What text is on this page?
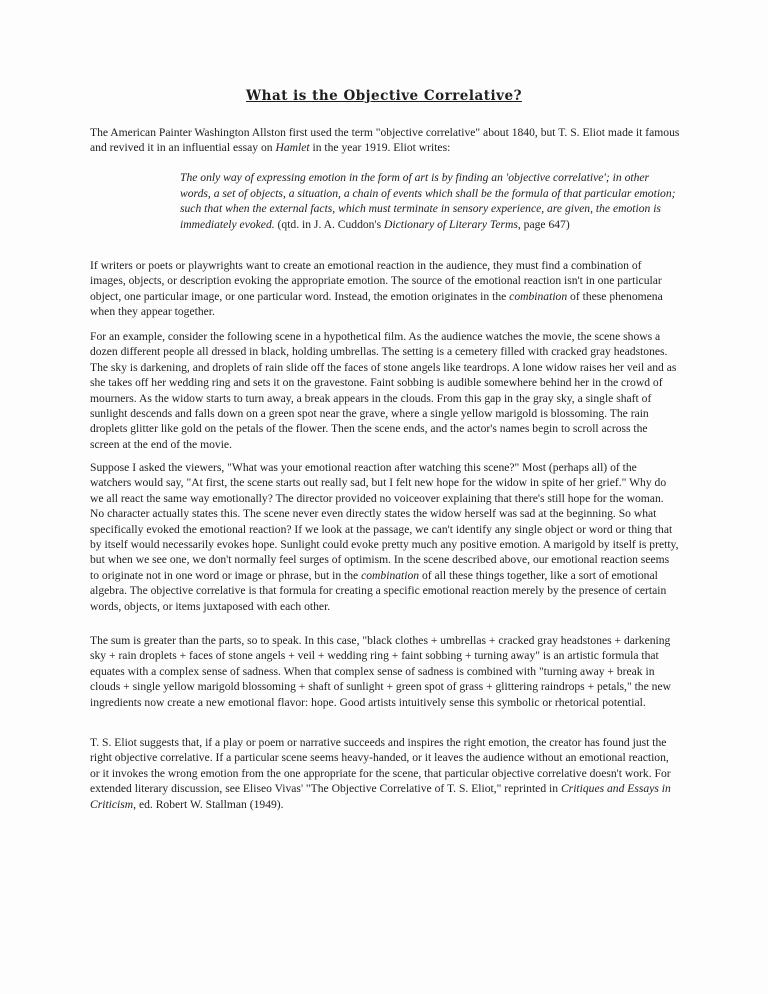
What is the Objective Correlative?

The American Painter Washington Allston first used the term "objective correlative" about 1840, but T. S. Eliot made it famous and revived it in an influential essay on Hamlet in the year 1919. Eliot writes:

The only way of expressing emotion in the form of art is by finding an 'objective correlative'; in other words, a set of objects, a situation, a chain of events which shall be the formula of that particular emotion; such that when the external facts, which must terminate in sensory experience, are given, the emotion is immediately evoked. (qtd. in J. A. Cuddon's Dictionary of Literary Terms, page 647)

If writers or poets or playwrights want to create an emotional reaction in the audience, they must find a combination of images, objects, or description evoking the appropriate emotion. The source of the emotional reaction isn't in one particular object, one particular image, or one particular word. Instead, the emotion originates in the combination of these phenomena when they appear together.

For an example, consider the following scene in a hypothetical film. As the audience watches the movie, the scene shows a dozen different people all dressed in black, holding umbrellas. The setting is a cemetery filled with cracked gray headstones. The sky is darkening, and droplets of rain slide off the faces of stone angels like teardrops. A lone widow raises her veil and as she takes off her wedding ring and sets it on the gravestone. Faint sobbing is audible somewhere behind her in the crowd of mourners. As the widow starts to turn away, a break appears in the clouds. From this gap in the gray sky, a single shaft of sunlight descends and falls down on a green spot near the grave, where a single yellow marigold is blossoming. The rain droplets glitter like gold on the petals of the flower. Then the scene ends, and the actor's names begin to scroll across the screen at the end of the movie.

Suppose I asked the viewers, "What was your emotional reaction after watching this scene?" Most (perhaps all) of the watchers would say, "At first, the scene starts out really sad, but I felt new hope for the widow in spite of her grief." Why do we all react the same way emotionally? The director provided no voiceover explaining that there's still hope for the woman. No character actually states this. The scene never even directly states the widow herself was sad at the beginning. So what specifically evoked the emotional reaction? If we look at the passage, we can't identify any single object or word or thing that by itself would necessarily evokes hope. Sunlight could evoke pretty much any positive emotion. A marigold by itself is pretty, but when we see one, we don't normally feel surges of optimism. In the scene described above, our emotional reaction seems to originate not in one word or image or phrase, but in the combination of all these things together, like a sort of emotional algebra. The objective correlative is that formula for creating a specific emotional reaction merely by the presence of certain words, objects, or items juxtaposed with each other.

The sum is greater than the parts, so to speak. In this case, "black clothes + umbrellas + cracked gray headstones + darkening sky + rain droplets + faces of stone angels + veil + wedding ring + faint sobbing + turning away" is an artistic formula that equates with a complex sense of sadness. When that complex sense of sadness is combined with "turning away + break in clouds + single yellow marigold blossoming + shaft of sunlight + green spot of grass + glittering raindrops + petals," the new ingredients now create a new emotional flavor: hope. Good artists intuitively sense this symbolic or rhetorical potential.

T. S. Eliot suggests that, if a play or poem or narrative succeeds and inspires the right emotion, the creator has found just the right objective correlative. If a particular scene seems heavy-handed, or it leaves the audience without an emotional reaction, or it invokes the wrong emotion from the one appropriate for the scene, that particular objective correlative doesn't work. For extended literary discussion, see Eliseo Vivas' "The Objective Correlative of T. S. Eliot," reprinted in Critiques and Essays in Criticism, ed. Robert W. Stallman (1949).
